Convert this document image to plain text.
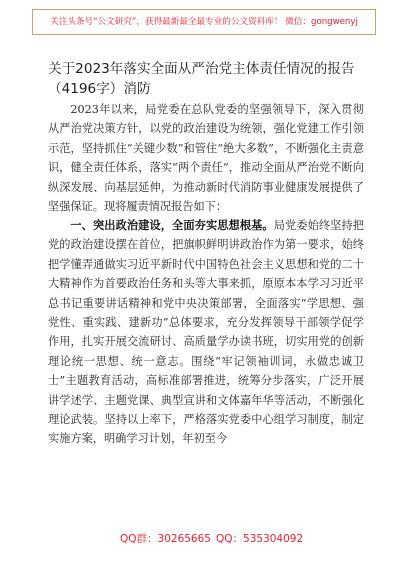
关注头条号“公文研究”，获得最新最全最专业的公文资料库！ 微信：gongwenyj
关于2023年落实全面从严治党主体责任情况的报告（4196字）消防

2023年以来，局党委在总队党委的坚强领导下，深入贯彻从严治党决策方针，以党的政治建设为统领，强化党建工作引领示范，坚持抓住“关键少数”和管住“绝大多数”，不断强化主责意识，健全责任体系，落实“两个责任”，推动全面从严治党不断向纵深发展、向基层延伸，为推动新时代消防事业健康发展提供了坚强保证。现将履责情况报告如下：

一、突出政治建设，全面夯实思想根基。局党委始终坚持把党的政治建设摆在首位，把旗帜鲜明讲政治作为第一要求，始终把学懂弄通做实习近平新时代中国特色社会主义思想和党的二十大精神作为首要政治任务和头等大事来抓，原原本本学习习近平总书记重要讲话精神和党中央决策部署，全面落实“学思想、强党性、重实践、建新功”总体要求，充分发挥领导干部领学促学作用，扎实开展交流研讨、高质量学办读书班，切实用党的创新理论统一思想、统一意志。围绕“牢记领袖训词，永做忠诚卫士”主题教育活动，高标准部署推进，统筹分步落实，广泛开展讲学述学、主题党课、典型宣讲和文体嘉年华等活动，不断强化理论武装。坚持以上率下，严格落实党委中心组学习制度，制定实施方案，明确学习计划，年初至今

QQ群：30265665 QQ：535304092
